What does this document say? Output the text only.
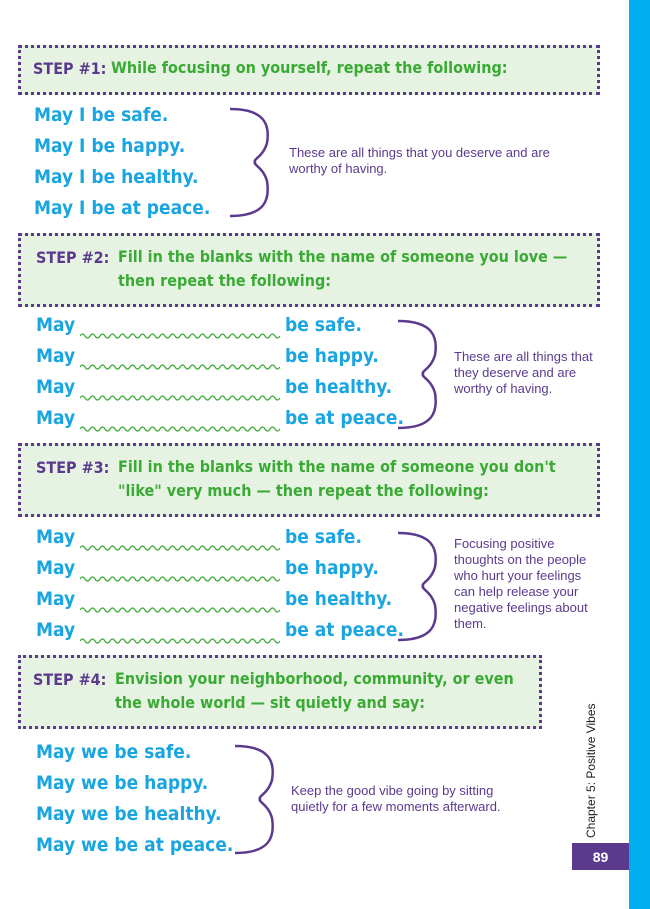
Chapter 5: Positive Vibes
89
STEP #1: While focusing on yourself, repeat the following:
May I be safe.
May I be happy.
May I be healthy.
May I be at peace.
These are all things that you deserve and are worthy of having.
STEP #2: Fill in the blanks with the name of someone you love —
then repeat the following:
May
May
May
May
be safe.
be happy.
be healthy.
be at peace.
These are all things that they deserve and are worthy of having.
STEP #3: Fill in the blanks with the name of someone you don't
"like" very much — then repeat the following:
May
May
May
May
be safe.
be happy.
be healthy.
be at peace.
Focusing positive thoughts on the people who hurt your feelings can help release your negative feelings about them.
STEP #4: Envision your neighborhood, community, or even
the whole world — sit quietly and say:
May we be safe.
May we be happy.
May we be healthy.
May we be at peace.
Keep the good vibe going by sitting quietly for a few moments afterward.
